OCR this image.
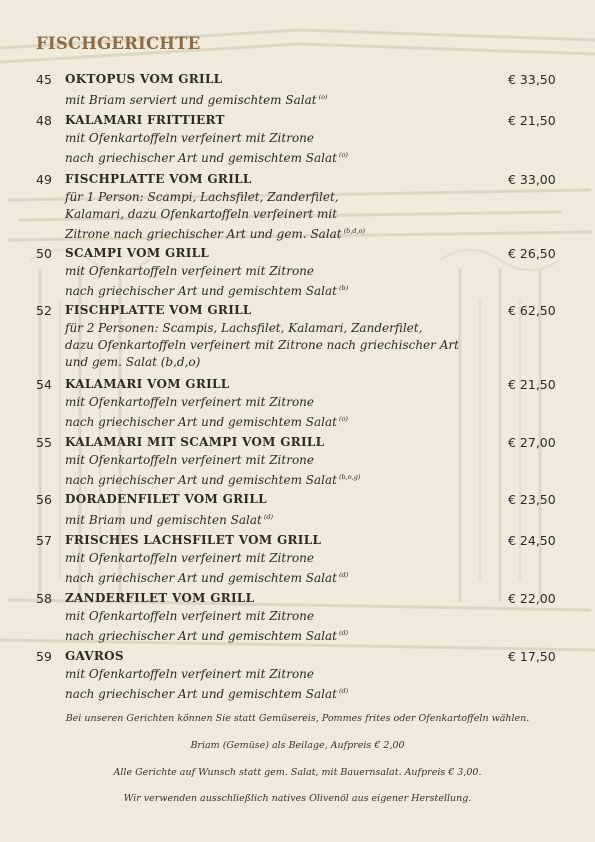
FISCHGERICHTE
45 OKTOPUS VOM GRILL	€ 33,50
mit Briam serviert und gemischtem Salat $^{(o)}$
48 KALAMARI FRITTIERT	€ 21,50
mit Ofenkartoffeln verfeinert mit Zitrone
nach griechischer Art und gemischtem Salat $^{(o)}$
49 FISCHPLATTE VOM GRILL	€ 33,00
für 1 Person: Scampi, Lachsfilet, Zanderfilet,
Kalamari, dazu Ofenkartoffeln verfeinert mit
Zitrone nach griechischer Art und gem. Salat $^{(b,d,o)}$
50 SCAMPI VOM GRILL	€ 26,50
mit Ofenkartoffeln verfeinert mit Zitrone
nach griechischer Art und gemischtem Salat $^{(b)}$
52 FISCHPLATTE VOM GRILL	€ 62,50
für 2 Personen: Scampis, Lachsfilet, Kalamari, Zanderfilet,
dazu Ofenkartoffeln verfeinert mit Zitrone nach griechischer Art
und gem. Salat (b,d,o)
54 KALAMARI VOM GRILL	€ 21,50
mit Ofenkartoffeln verfeinert mit Zitrone
nach griechischer Art und gemischtem Salat $^{(o)}$
55 KALAMARI MIT SCAMPI VOM GRILL	€ 27,00
mit Ofenkartoffeln verfeinert mit Zitrone
nach griechischer Art und gemischtem Salat $^{(b,o,g)}$
56 DORADENFILET VOM GRILL	€ 23,50
mit Briam und gemischten Salat $^{(d)}$
57 FRISCHES LACHSFILET VOM GRILL	€ 24,50
mit Ofenkartoffeln verfeinert mit Zitrone
nach griechischer Art und gemischtem Salat $^{(d)}$
58 ZANDERFILET VOM GRILL	€ 22,00
mit Ofenkartoffeln verfeinert mit Zitrone
nach griechischer Art und gemischtem Salat $^{(d)}$
59 GAVROS	€ 17,50
mit Ofenkartoffeln verfeinert mit Zitrone
nach griechischer Art und gemischtem Salat $^{(d)}$
Bei unseren Gerichten können Sie statt Gemüsereis, Pommes frites oder Ofenkartoffeln wählen.
Briam (Gemüse) als Beilage, Aufpreis € 2,00
Alle Gerichte auf Wunsch statt gem. Salat, mit Bauernsalat. Aufpreis € 3,00.
Wir verwenden ausschließlich natives Olivenöl aus eigener Herstellung.
